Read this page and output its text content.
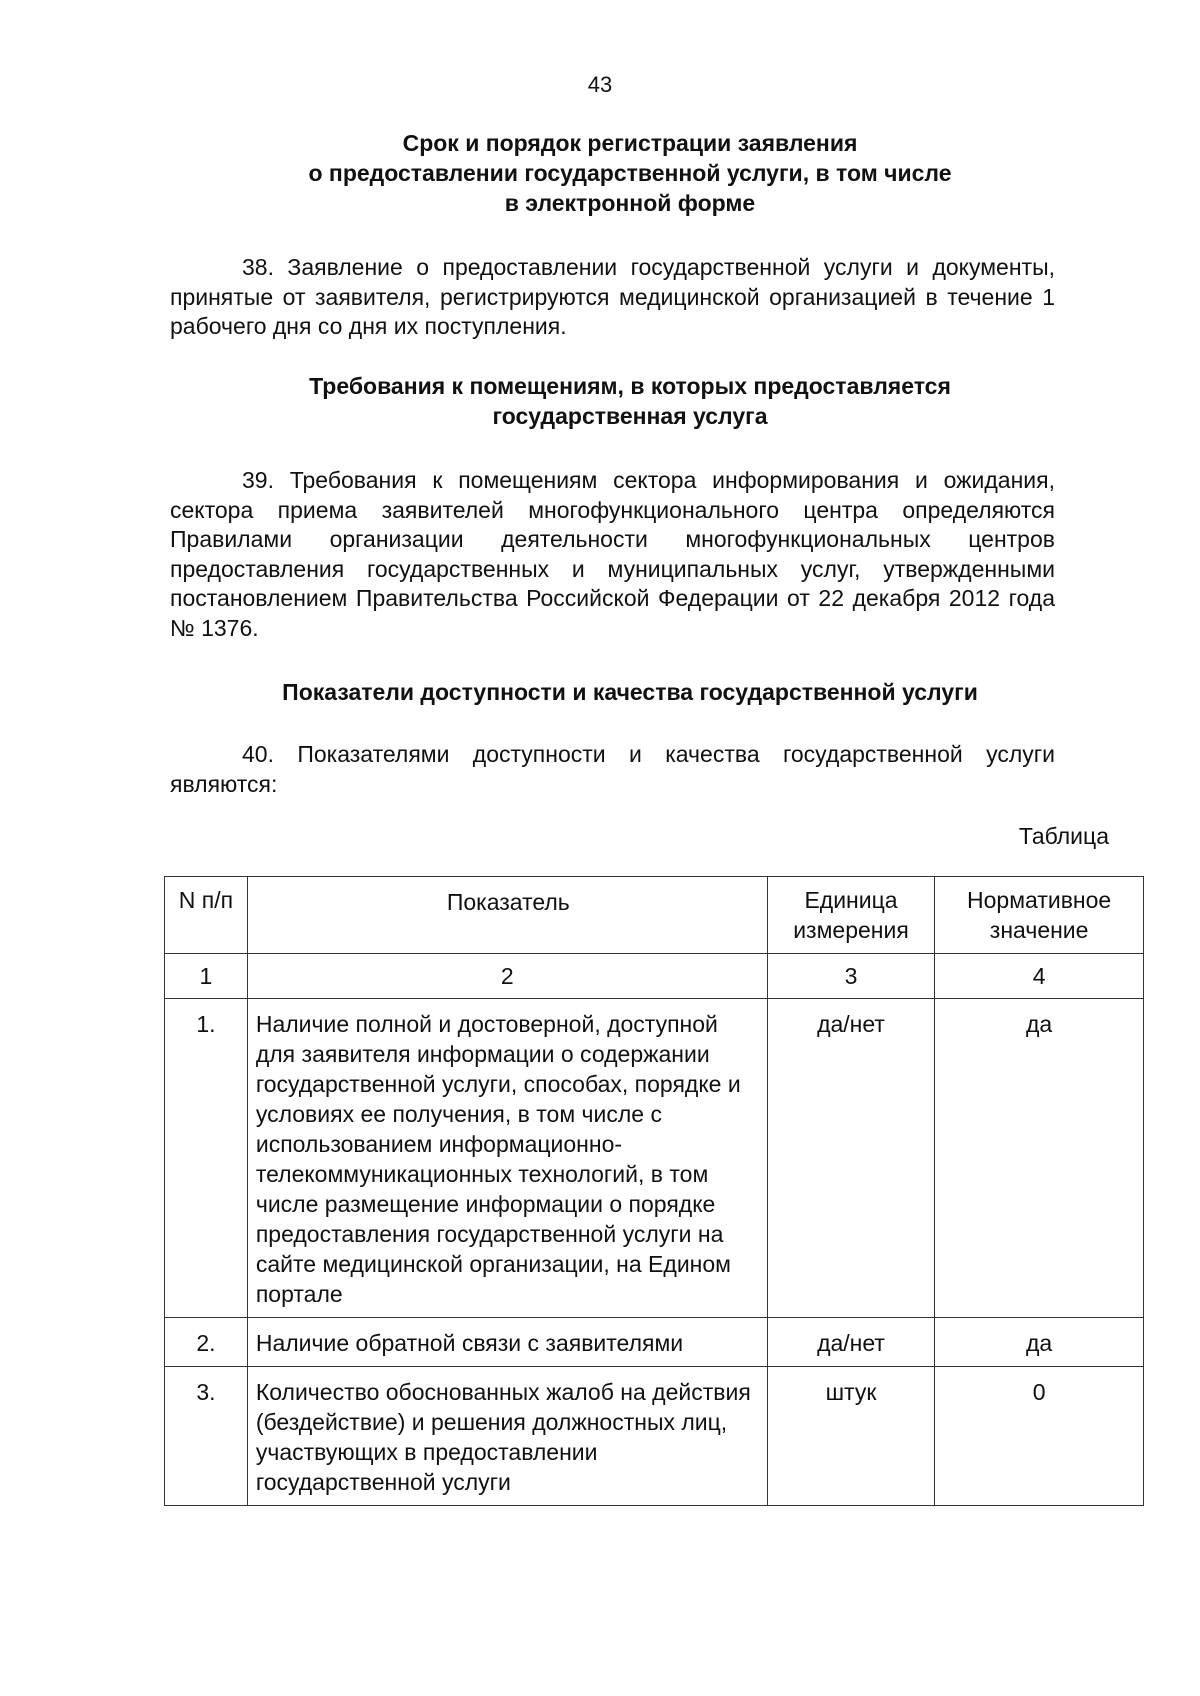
43
Срок и порядок регистрации заявления
о предоставлении государственной услуги, в том числе
в электронной форме
38. Заявление о предоставлении государственной услуги и документы, принятые от заявителя, регистрируются медицинской организацией в течение 1 рабочего дня со дня их поступления.
Требования к помещениям, в которых предоставляется
государственная услуга
39. Требования к помещениям сектора информирования и ожидания, сектора приема заявителей многофункционального центра определяются Правилами организации деятельности многофункциональных центров предоставления государственных и муниципальных услуг, утвержденными постановлением Правительства Российской Федерации от 22 декабря 2012 года № 1376.
Показатели доступности и качества государственной услуги
40. Показателями доступности и качества государственной услуги являются:
Таблица
N п/п	Показатель	Единица измерения	Нормативное значение
1	2	3	4
1.	Наличие полной и достоверной, доступной для заявителя информации о содержании государственной услуги, способах, порядке и условиях ее получения, в том числе с использованием информационно-телекоммуникационных технологий, в том числе размещение информации о порядке предоставления государственной услуги на сайте медицинской организации, на Едином портале	да/нет	да
2.	Наличие обратной связи с заявителями	да/нет	да
3.	Количество обоснованных жалоб на действия (бездействие) и решения должностных лиц, участвующих в предоставлении государственной услуги	штук	0
